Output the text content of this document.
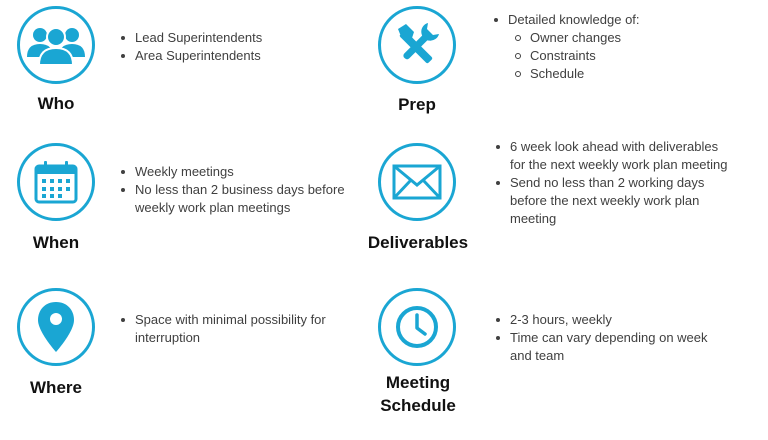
Who
Lead Superintendents
Area Superintendents
Prep
Detailed knowledge of:
Owner changes
Constraints
Schedule
When
Weekly meetings
No less than 2 business days before weekly work plan meetings
Deliverables
6 week look ahead with deliverables for the next weekly work plan meeting
Send no less than 2 working days before the next weekly work plan meeting
Where
Space with minimal possibility for interruption
Meeting
Schedule
2-3 hours, weekly
Time can vary depending on week and team
